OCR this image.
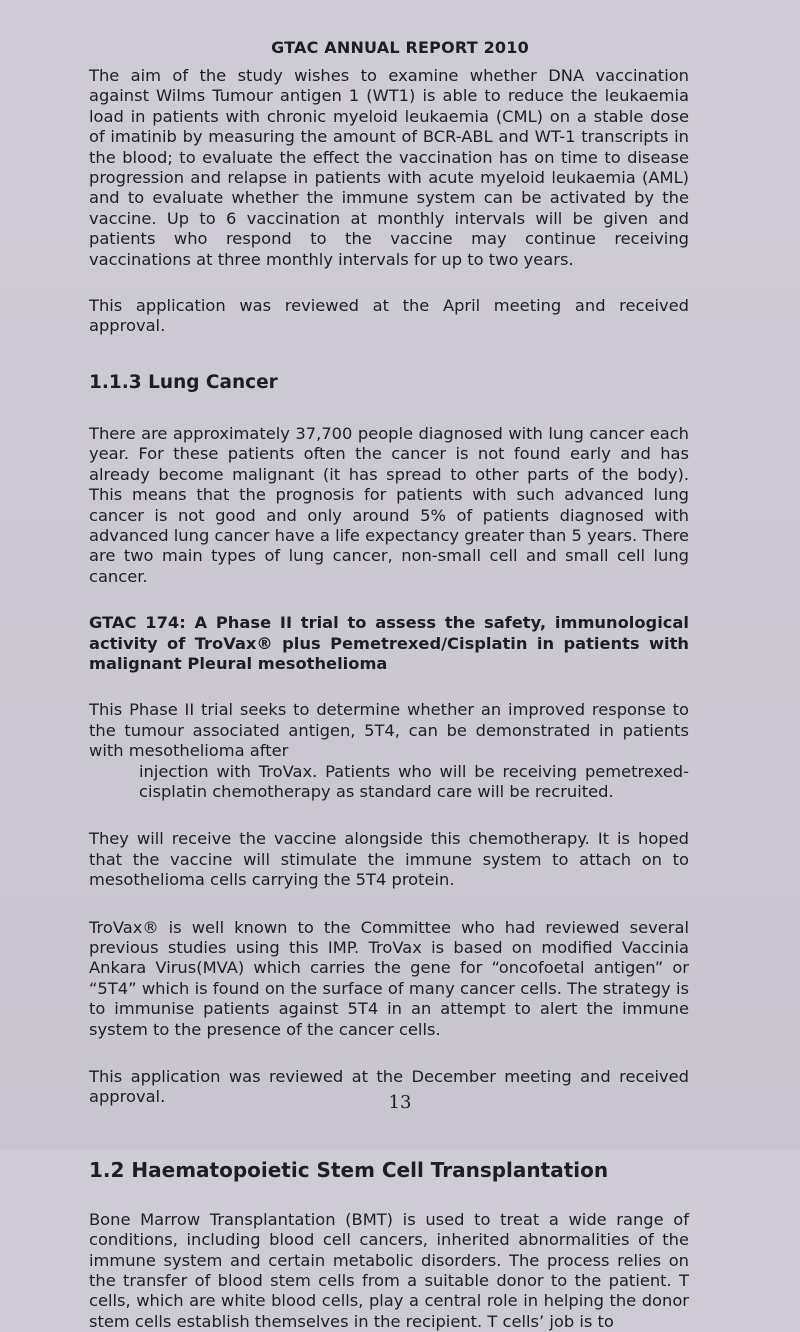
GTAC ANNUAL REPORT 2010

The aim of the study wishes to examine whether DNA vaccination against Wilms Tumour antigen 1 (WT1) is able to reduce the leukaemia load in patients with chronic myeloid leukaemia (CML) on a stable dose of imatinib by measuring the amount of BCR-ABL and WT-1 transcripts in the blood; to evaluate the effect the vaccination has on time to disease progression and relapse in patients with acute myeloid leukaemia (AML) and to evaluate whether the immune system can be activated by the vaccine. Up to 6 vaccination at monthly intervals will be given and patients who respond to the vaccine may continue receiving vaccinations at three monthly intervals for up to two years.

This application was reviewed at the April meeting and received approval.

1.1.3 Lung Cancer

There are approximately 37,700 people diagnosed with lung cancer each year. For these patients often the cancer is not found early and has already become malignant (it has spread to other parts of the body). This means that the prognosis for patients with such advanced lung cancer is not good and only around 5% of patients diagnosed with advanced lung cancer have a life expectancy greater than 5 years. There are two main types of lung cancer, non-small cell and small cell lung cancer.

GTAC 174: A Phase II trial to assess the safety, immunological activity of TroVax® plus Pemetrexed/Cisplatin in patients with malignant Pleural mesothelioma

This Phase II trial seeks to determine whether an improved response to the tumour associated antigen, 5T4, can be demonstrated in patients with mesothelioma after
injection with TroVax. Patients who will be receiving pemetrexed-cisplatin chemotherapy as standard care will be recruited.

They will receive the vaccine alongside this chemotherapy. It is hoped that the vaccine will stimulate the immune system to attach on to mesothelioma cells carrying the 5T4 protein.

TroVax® is well known to the Committee who had reviewed several previous studies using this IMP. TroVax is based on modified Vaccinia Ankara Virus(MVA) which carries the gene for “oncofoetal antigen” or “5T4” which is found on the surface of many cancer cells. The strategy is to immunise patients against 5T4 in an attempt to alert the immune system to the presence of the cancer cells.

This application was reviewed at the December meeting and received approval.

1.2 Haematopoietic Stem Cell Transplantation

Bone Marrow Transplantation (BMT) is used to treat a wide range of conditions, including blood cell cancers, inherited abnormalities of the immune system and certain metabolic disorders. The process relies on the transfer of blood stem cells from a suitable donor to the patient. T cells, which are white blood cells, play a central role in helping the donor stem cells establish themselves in the recipient. T cells’ job is to

13
